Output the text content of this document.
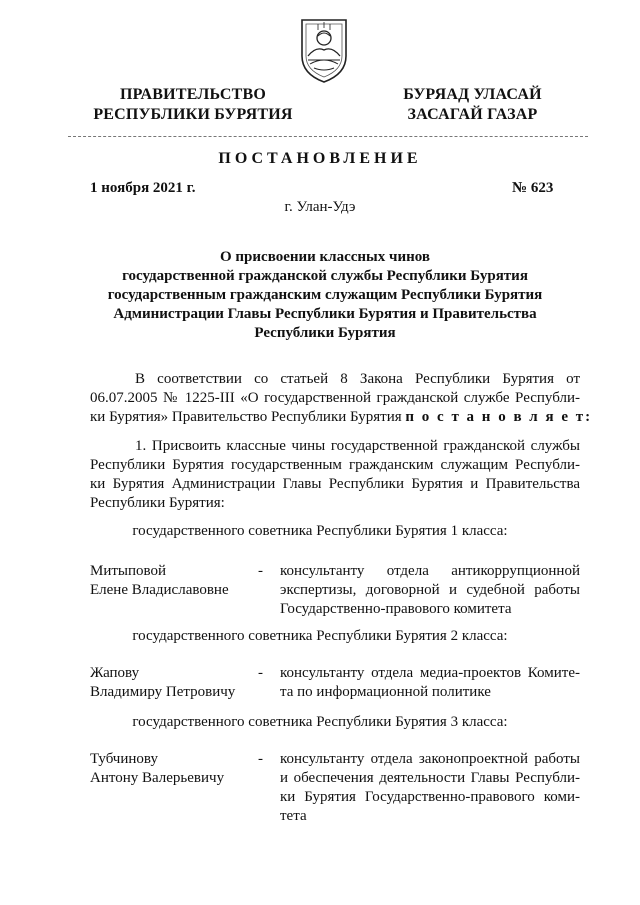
ПРАВИТЕЛЬСТВО
РЕСПУБЛИКИ БУРЯТИЯ
БУРЯАД УЛАСАЙ
ЗАСАГАЙ ГАЗАР
ПОСТАНОВЛЕНИЕ
1 ноября 2021 г.	№ 623
г. Улан-Удэ
О присвоении классных чинов
государственной гражданской службы Республики Бурятия
государственным гражданским служащим Республики Бурятия
Администрации Главы Республики Бурятия и Правительства
Республики Бурятия
В соответствии со статьей 8 Закона Республики Бурятия от
06.07.2005 № 1225-III «О государственной гражданской службе Республи-
ки Бурятия» Правительство Республики Бурятия п о с т а н о в л я е т:
1. Присвоить классные чины государственной гражданской службы
Республики Бурятия государственным гражданским служащим Республи-
ки Бурятия Администрации Главы Республики Бурятия и Правительства
Республики Бурятия:
государственного советника Республики Бурятия 1 класса:
Митыповой
Елене Владиславовне
- консультанту отдела антикоррупционной
экспертизы, договорной и судебной работы
Государственно-правового комитета
государственного советника Республики Бурятия 2 класса:
Жапову
Владимиру Петровичу
- консультанту отдела медиа-проектов Комите-
та по информационной политике
государственного советника Республики Бурятия 3 класса:
Тубчинову
Антону Валерьевичу
- консультанту отдела законопроектной работы
и обеспечения деятельности Главы Республи-
ки Бурятия Государственно-правового коми-
тета
